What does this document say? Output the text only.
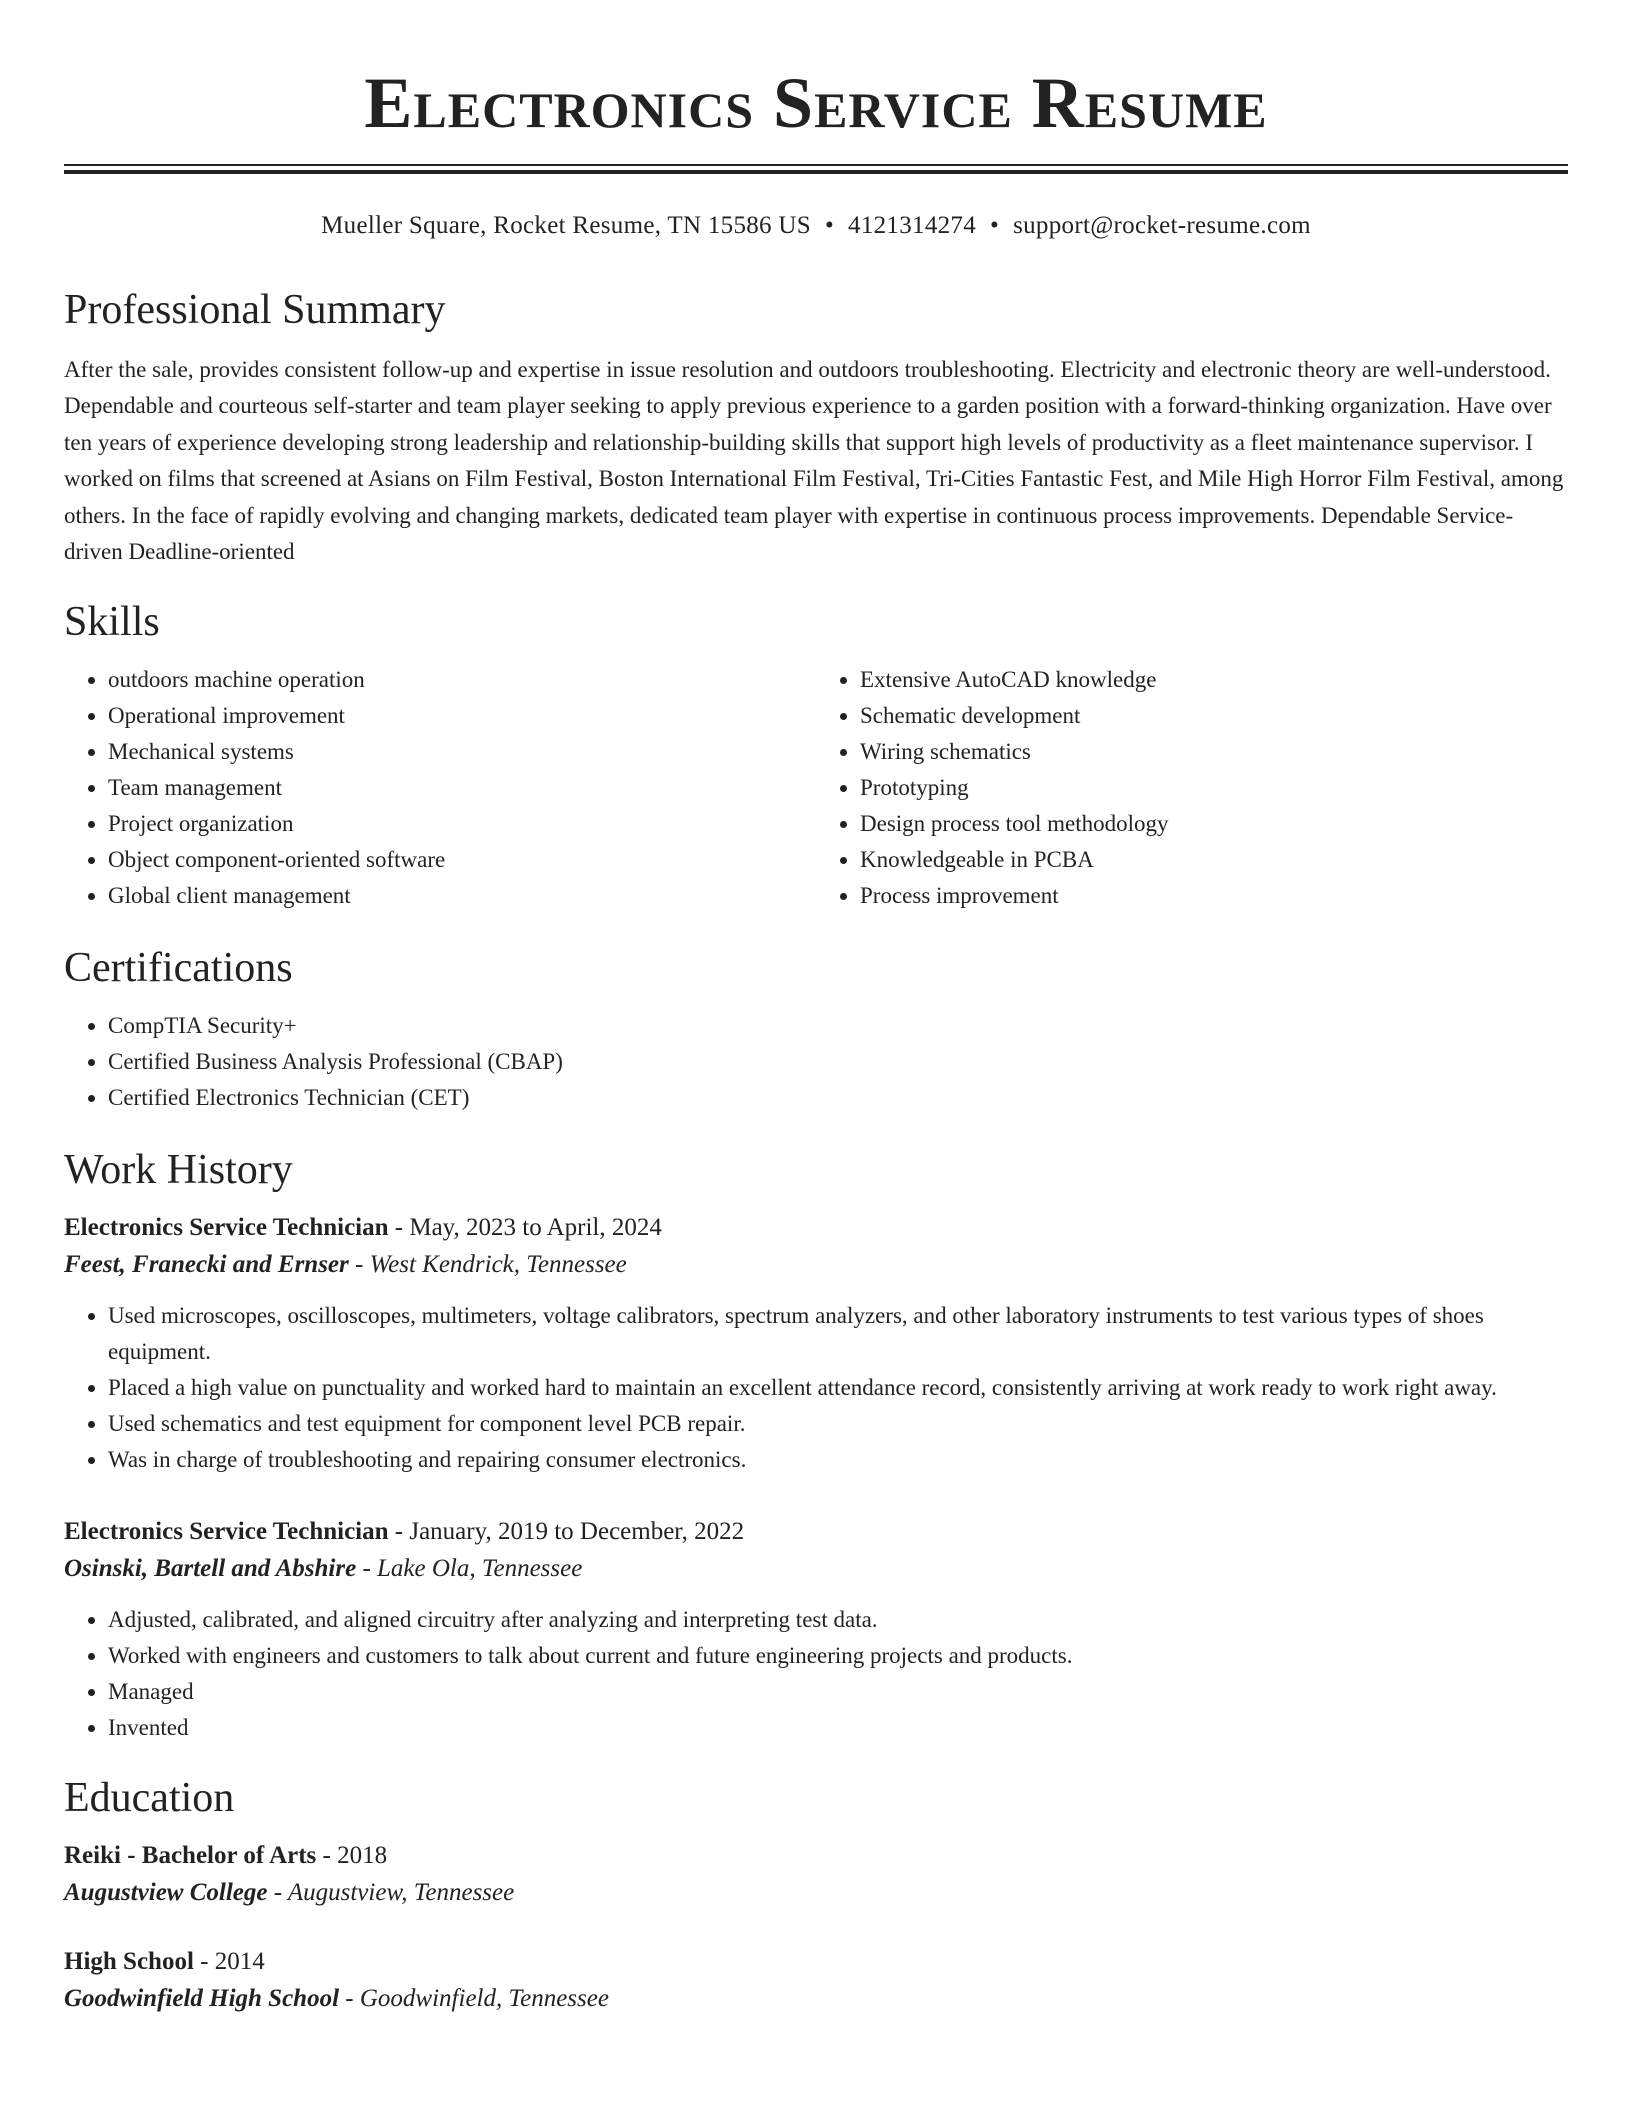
Electronics Service Resume
Mueller Square, Rocket Resume, TN 15586 US • 4121314274 • support@rocket-resume.com
Professional Summary

After the sale, provides consistent follow-up and expertise in issue resolution and outdoors troubleshooting. Electricity and electronic theory are well-understood. Dependable and courteous self-starter and team player seeking to apply previous experience to a garden position with a forward-thinking organization. Have over ten years of experience developing strong leadership and relationship-building skills that support high levels of productivity as a fleet maintenance supervisor. I worked on films that screened at Asians on Film Festival, Boston International Film Festival, Tri-Cities Fantastic Fest, and Mile High Horror Film Festival, among others. In the face of rapidly evolving and changing markets, dedicated team player with expertise in continuous process improvements. Dependable Service-driven Deadline-oriented

Skills
• outdoors machine operation
• Operational improvement
• Mechanical systems
• Team management
• Project organization
• Object component-oriented software
• Global client management
• Extensive AutoCAD knowledge
• Schematic development
• Wiring schematics
• Prototyping
• Design process tool methodology
• Knowledgeable in PCBA
• Process improvement
Certifications
• CompTIA Security+
• Certified Business Analysis Professional (CBAP)
• Certified Electronics Technician (CET)
Work History
Electronics Service Technician - May, 2023 to April, 2024
Feest, Franecki and Ernser - West Kendrick, Tennessee
• Used microscopes, oscilloscopes, multimeters, voltage calibrators, spectrum analyzers, and other laboratory instruments to test various types of shoes equipment.
• Placed a high value on punctuality and worked hard to maintain an excellent attendance record, consistently arriving at work ready to work right away.
• Used schematics and test equipment for component level PCB repair.
• Was in charge of troubleshooting and repairing consumer electronics.
Electronics Service Technician - January, 2019 to December, 2022
Osinski, Bartell and Abshire - Lake Ola, Tennessee
• Adjusted, calibrated, and aligned circuitry after analyzing and interpreting test data.
• Worked with engineers and customers to talk about current and future engineering projects and products.
• Managed
• Invented
Education
Reiki - Bachelor of Arts - 2018
Augustview College - Augustview, Tennessee
High School - 2014
Goodwinfield High School - Goodwinfield, Tennessee
